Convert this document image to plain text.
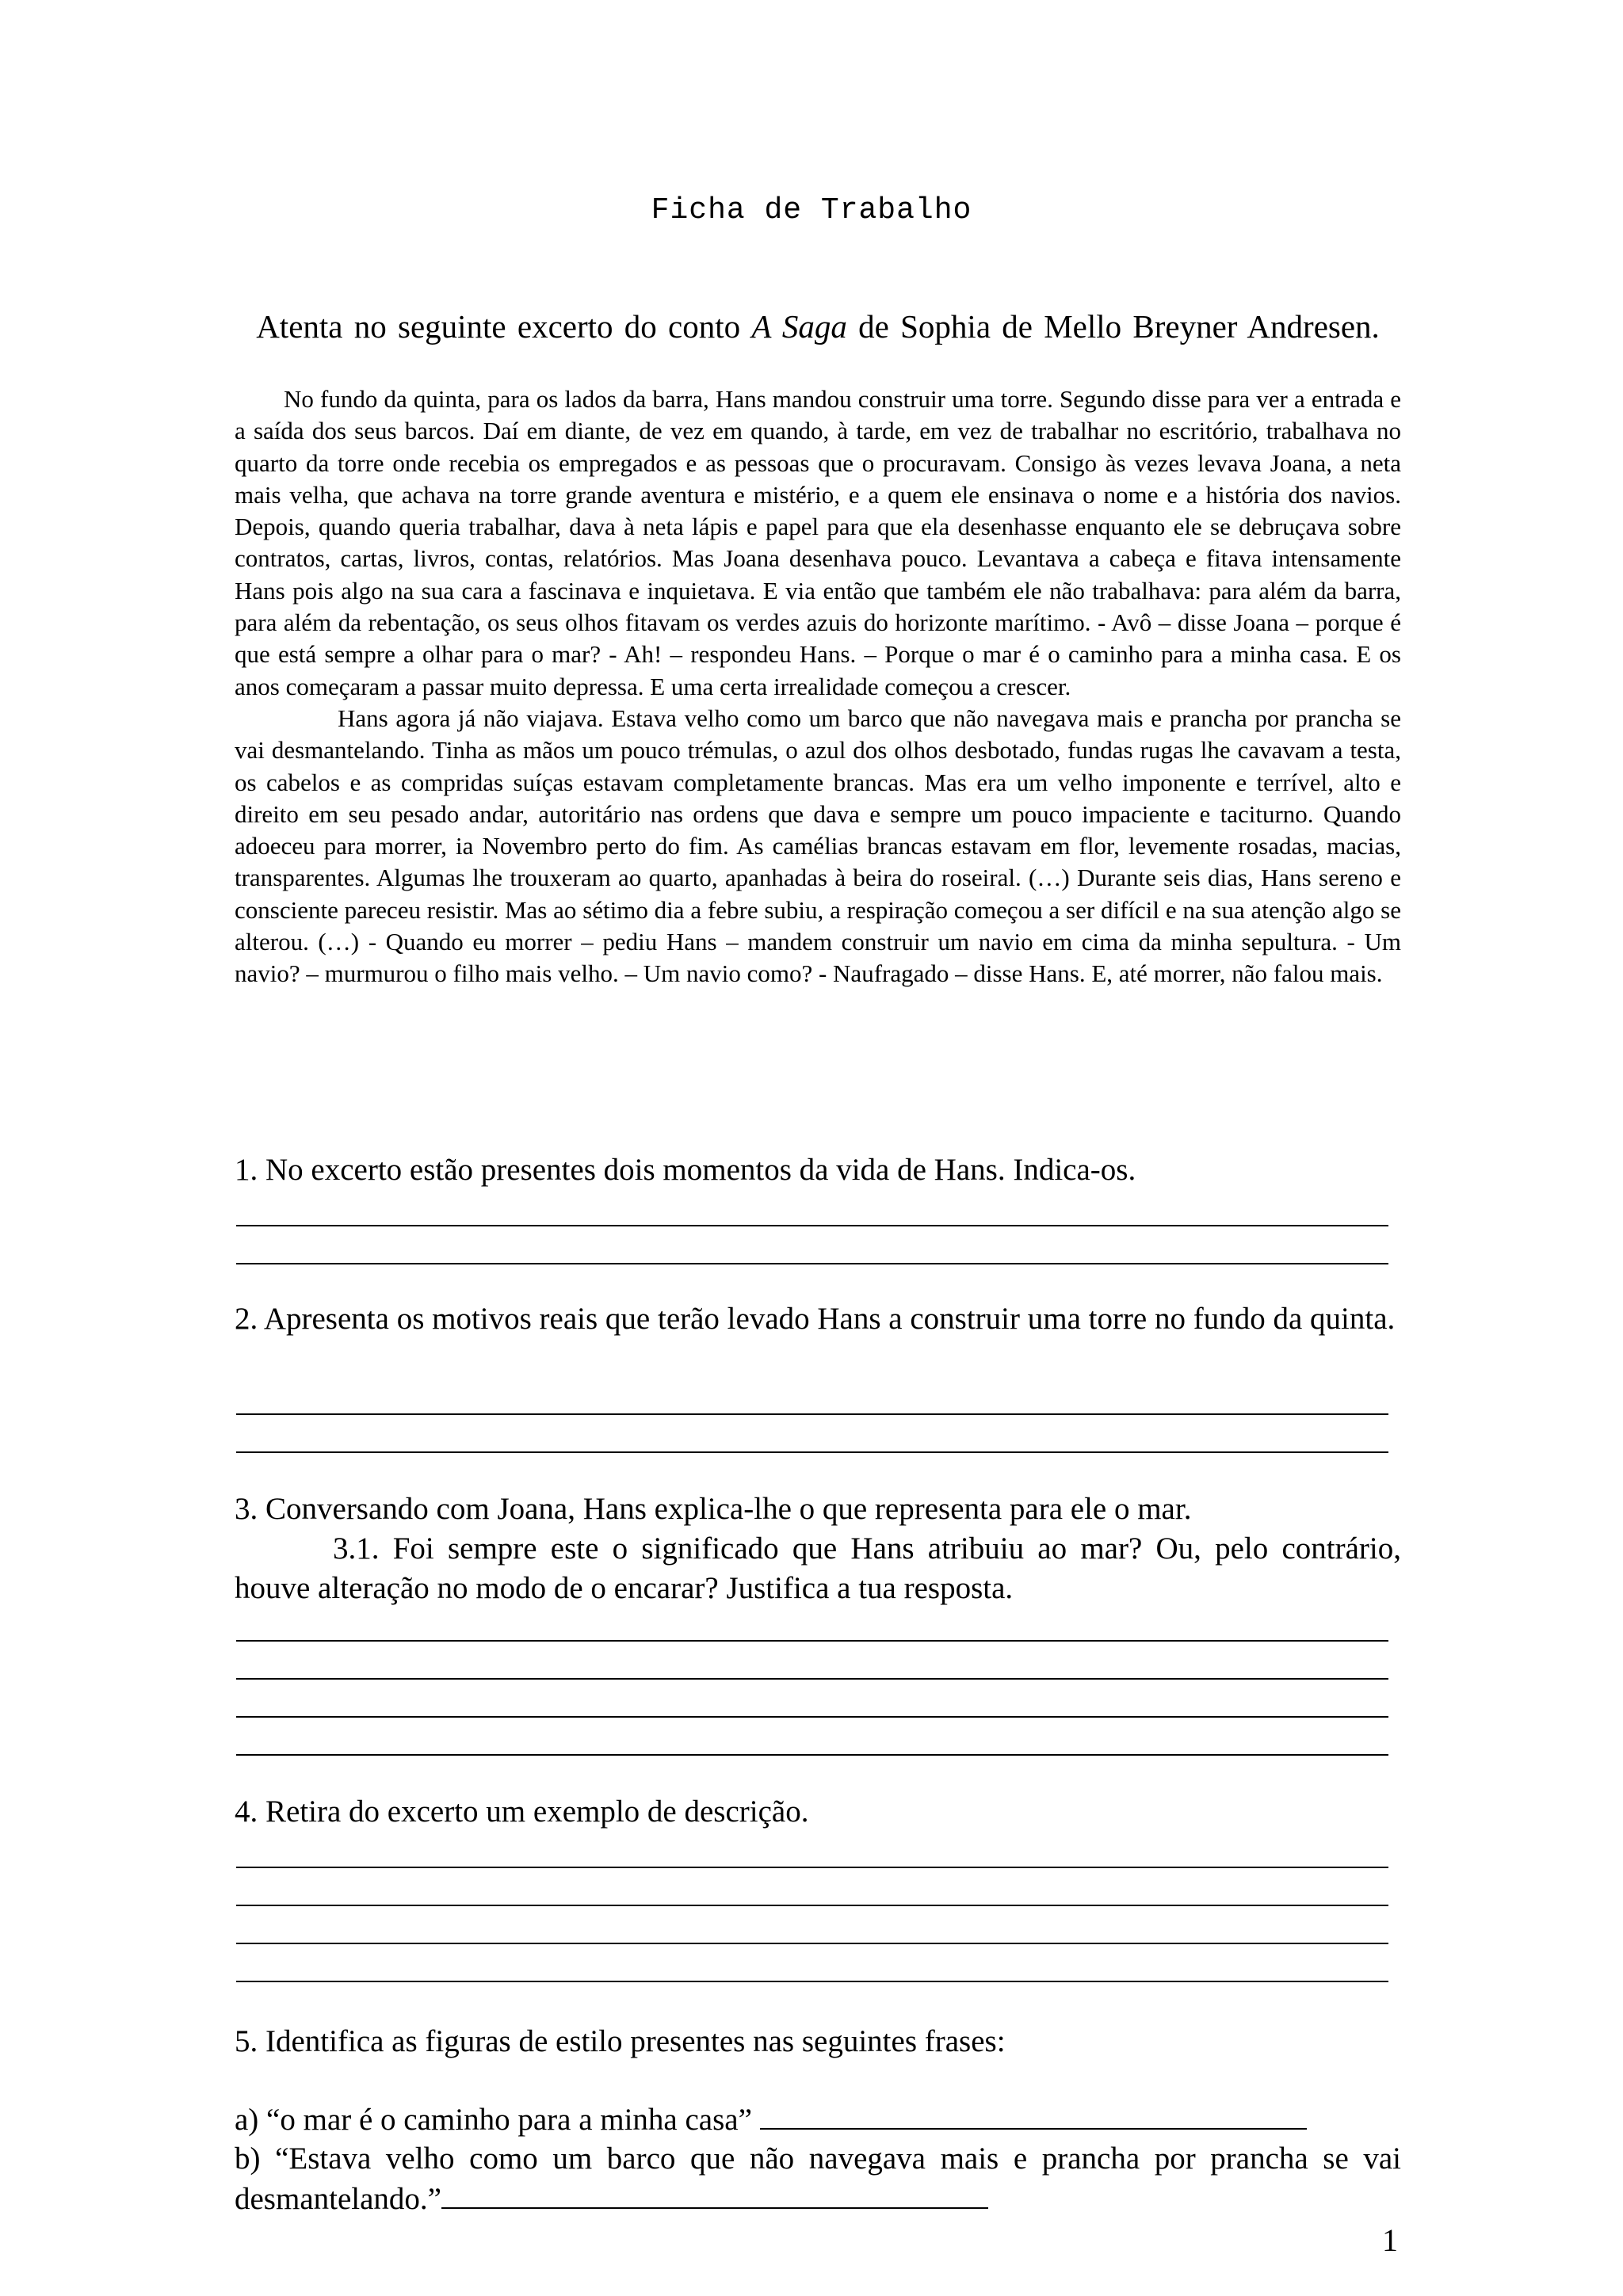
Ficha de Trabalho
Atenta no seguinte excerto do conto A Saga de Sophia de Mello Breyner Andresen.

No fundo da quinta, para os lados da barra, Hans mandou construir uma torre. Segundo disse para ver a entrada e a saída dos seus barcos. Daí em diante, de vez em quando, à tarde, em vez de trabalhar no escritório, trabalhava no quarto da torre onde recebia os empregados e as pessoas que o procuravam. Consigo às vezes levava Joana, a neta mais velha, que achava na torre grande aventura e mistério, e a quem ele ensinava o nome e a história dos navios. Depois, quando queria trabalhar, dava à neta lápis e papel para que ela desenhasse enquanto ele se debruçava sobre contratos, cartas, livros, contas, relatórios. Mas Joana desenhava pouco. Levantava a cabeça e fitava intensamente Hans pois algo na sua cara a fascinava e inquietava. E via então que também ele não trabalhava: para além da barra, para além da rebentação, os seus olhos fitavam os verdes azuis do horizonte marítimo. - Avô – disse Joana – porque é que está sempre a olhar para o mar? - Ah! – respondeu Hans. – Porque o mar é o caminho para a minha casa. E os anos começaram a passar muito depressa. E uma certa irrealidade começou a crescer.

Hans agora já não viajava. Estava velho como um barco que não navegava mais e prancha por prancha se vai desmantelando. Tinha as mãos um pouco trémulas, o azul dos olhos desbotado, fundas rugas lhe cavavam a testa, os cabelos e as compridas suíças estavam completamente brancas. Mas era um velho imponente e terrível, alto e direito em seu pesado andar, autoritário nas ordens que dava e sempre um pouco impaciente e taciturno. Quando adoeceu para morrer, ia Novembro perto do fim. As camélias brancas estavam em flor, levemente rosadas, macias, transparentes. Algumas lhe trouxeram ao quarto, apanhadas à beira do roseiral. (…) Durante seis dias, Hans sereno e consciente pareceu resistir. Mas ao sétimo dia a febre subiu, a respiração começou a ser difícil e na sua atenção algo se alterou. (…) - Quando eu morrer – pediu Hans – mandem construir um navio em cima da minha sepultura. - Um navio? – murmurou o filho mais velho. – Um navio como? - Naufragado – disse Hans. E, até morrer, não falou mais.

1. No excerto estão presentes dois momentos da vida de Hans. Indica-os.
2. Apresenta os motivos reais que terão levado Hans a construir uma torre no fundo da quinta.
3. Conversando com Joana, Hans explica-lhe o que representa para ele o mar.
3.1. Foi sempre este o significado que Hans atribuiu ao mar? Ou, pelo contrário, houve alteração no modo de o encarar? Justifica a tua resposta.
4. Retira do excerto um exemplo de descrição.
5. Identifica as figuras de estilo presentes nas seguintes frases:
a) “o mar é o caminho para a minha casa”
b) “Estava velho como um barco que não navegava mais e prancha por prancha se vai desmantelando.”
1
